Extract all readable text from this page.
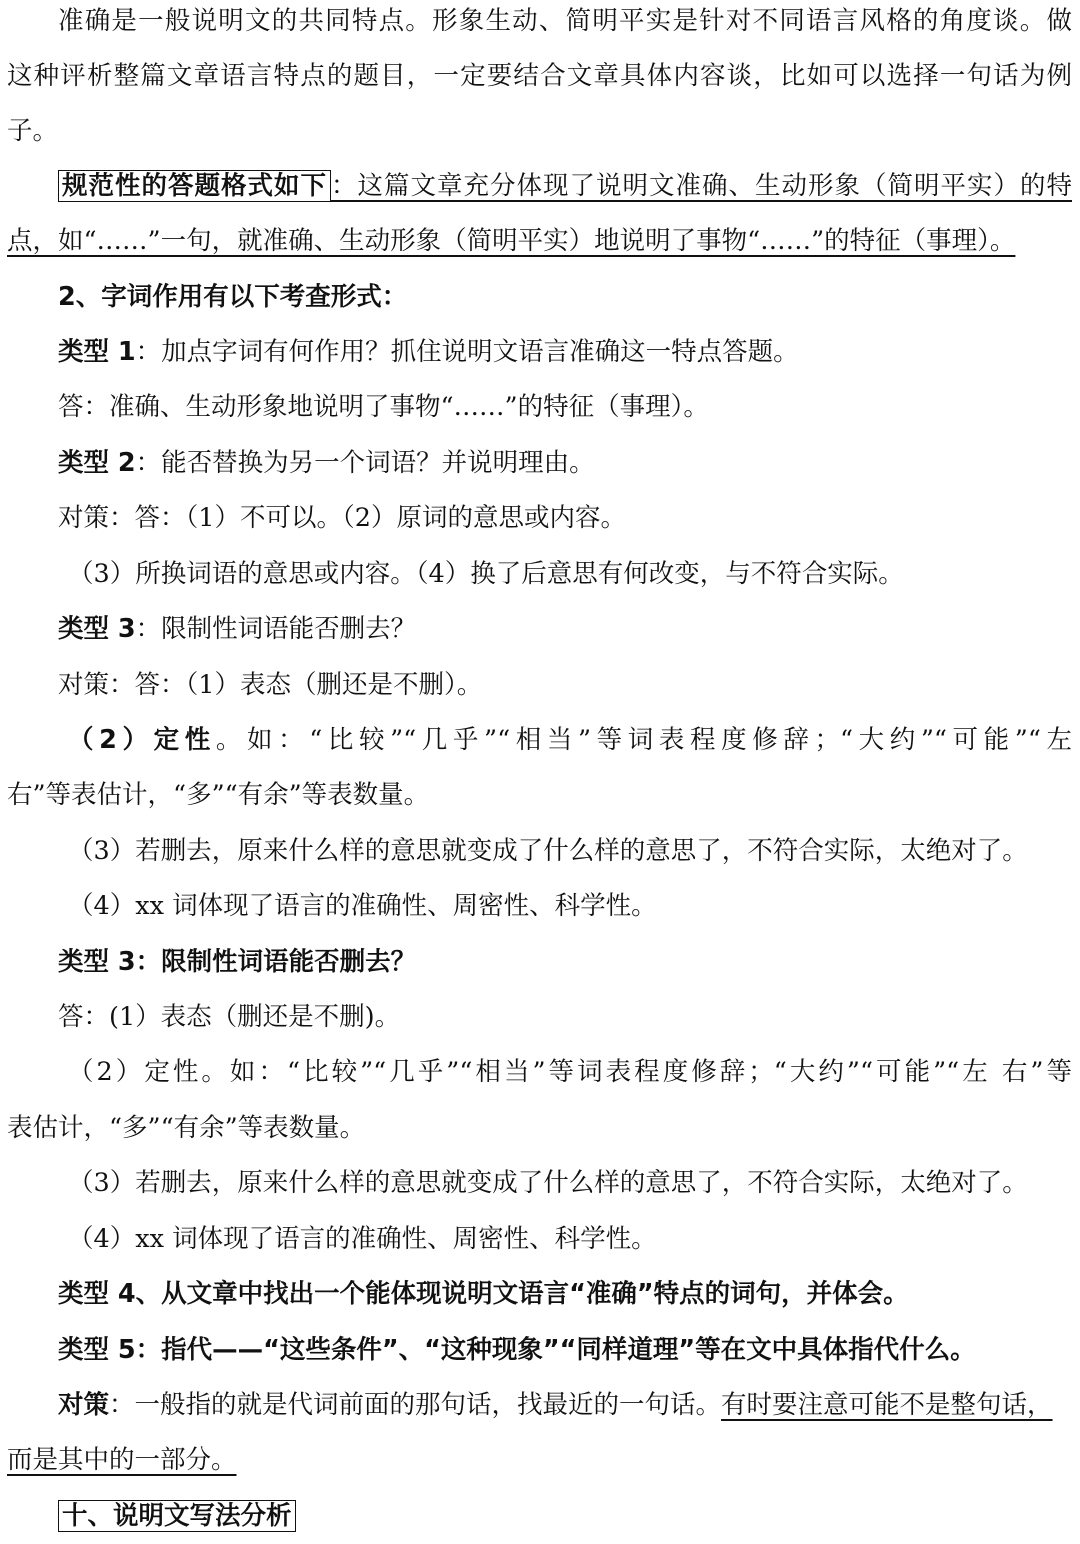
准确是一般说明文的共同特点。形象生动、简明平实是针对不同语言风格的角度谈。做
这种评析整篇文章语言特点的题目，一定要结合文章具体内容谈，比如可以选择一句话为例
子。
规范性的答题格式如下 ：这篇文章充分体现了说明文准确、生动形象（简明平实）的特
点，如“……”一句，就准确、生动形象（简明平实）地说明了事物“……”的特征（事理）。
2、字词作用有以下考查形式：
类型 1：加点字词有何作用？抓住说明文语言准确这一特点答题。
答：准确、生动形象地说明了事物“……”的特征（事理）。
类型 2：能否替换为另一个词语？并说明理由。
对策：答：（1）不可以。（2）原词的意思或内容。
（3）所换词语的意思或内容。（4）换了后意思有何改变，与不符合实际。
类型 3：限制性词语能否删去？
对策：答：（1）表态（删还是不删）。
（2）定性。如：“比较”“几乎”“相当”等词表程度修辞；“大约”“可能”“左
右”等表估计，“多”“有余”等表数量。
（3）若删去，原来什么样的意思就变成了什么样的意思了，不符合实际，太绝对了。
（4）xx 词体现了语言的准确性、周密性、科学性。
类型 3：限制性词语能否删去？
答：(1）表态（删还是不删)。
（2）定性。如：“比较”“几乎”“相当”等词表程度修辞；“大约”“可能”“左 右”等
表估计，“多”“有余”等表数量。
（3）若删去，原来什么样的意思就变成了什么样的意思了，不符合实际，太绝对了。
（4）xx 词体现了语言的准确性、周密性、科学性。
类型 4、从文章中找出一个能体现说明文语言“准确”特点的词句，并体会。
类型 5：指代——“这些条件”、“这种现象”“同样道理”等在文中具体指代什么。
对策：一般指的就是代词前面的那句话，找最近的一句话。有时要注意可能不是整句话，
而是其中的一部分。
十、说明文写法分析
